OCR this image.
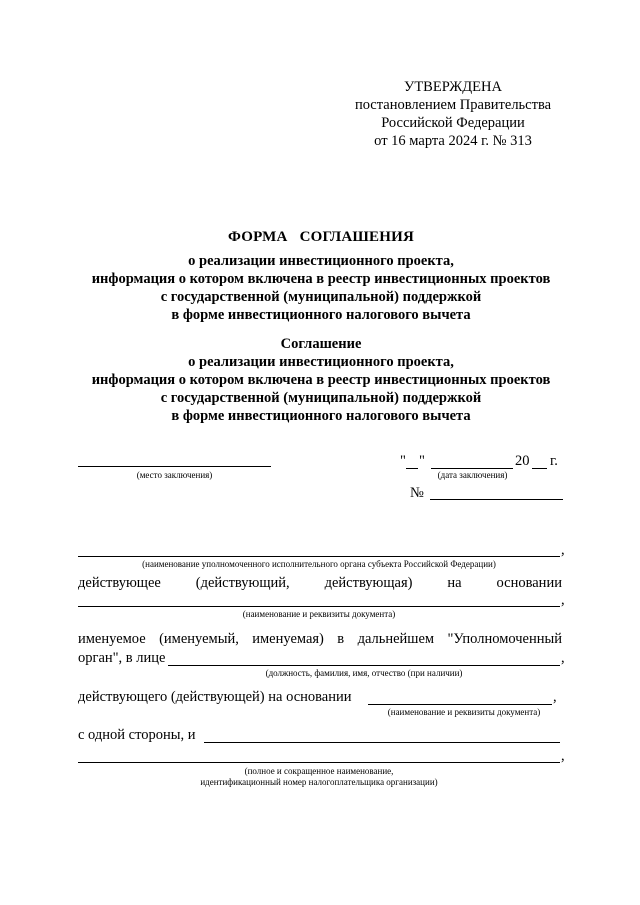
УТВЕРЖДЕНА
постановлением Правительства
Российской Федерации
от 16 марта 2024 г. № 313
ФОРМА СОГЛАШЕНИЯ
о реализации инвестиционного проекта,
информация о котором включена в реестр инвестиционных проектов
с государственной (муниципальной) поддержкой
в форме инвестиционного налогового вычета
Соглашение
о реализации инвестиционного проекта,
информация о котором включена в реестр инвестиционных проектов
с государственной (муниципальной) поддержкой
в форме инвестиционного налогового вычета
(место заключения)
" "	20 г.
(дата заключения)
№
,
(наименование уполномоченного исполнительного органа субъекта Российской Федерации)
действующее (действующий, действующая) на основании
,
(наименование и реквизиты документа)
именуемое (именуемый, именуемая) в дальнейшем "Уполномоченный
орган", в лице	,
(должность, фамилия, имя, отчество (при наличии)
действующего (действующей) на основании	,
(наименование и реквизиты документа)
с одной стороны, и
,
(полное и сокращенное наименование,
идентификационный номер налогоплательщика организации)
